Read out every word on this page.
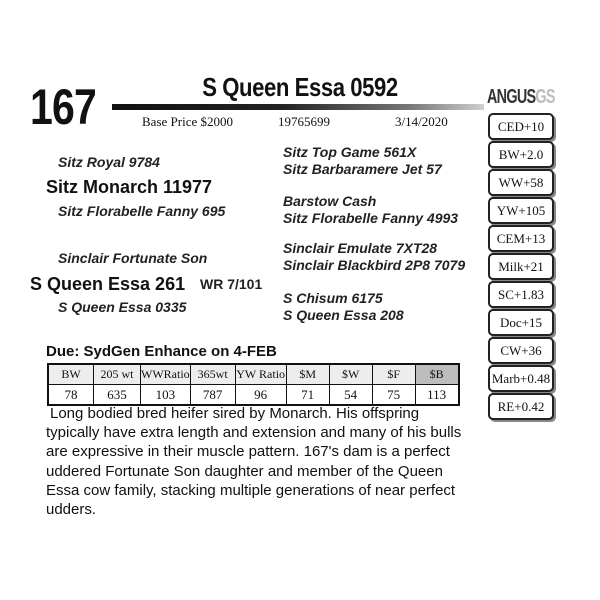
167	S Queen Essa 0592
Base Price $2000	19765699	3/14/2020
Sitz Royal 9784
Sitz Monarch 11977
Sitz Florabelle Fanny 695
Sinclair Fortunate Son
S Queen Essa 261 WR 7/101
S Queen Essa 0335
Sitz Top Game 561X
Sitz Barbaramere Jet 57
Barstow Cash
Sitz Florabelle Fanny 4993
Sinclair Emulate 7XT28
Sinclair Blackbird 2P8 7079
S Chisum 6175
S Queen Essa 208
Due: SydGen Enhance on 4-FEB
BW	205 wt	WWRatio	365wt	YW Ratio	$M	$W	$F	$B
78	635	103	787	96	71	54	75	113
Long bodied bred heifer sired by Monarch. His offspring typically have extra length and extension and many of his bulls are expressive in their muscle pattern. 167's dam is a perfect uddered Fortunate Son daughter and member of the Queen Essa cow family, stacking multiple generations of near perfect udders.
ANGUSGS
CED+10
BW+2.0
WW+58
YW+105
CEM+13
Milk+21
SC+1.83
Doc+15
CW+36
Marb+0.48
RE+0.42
